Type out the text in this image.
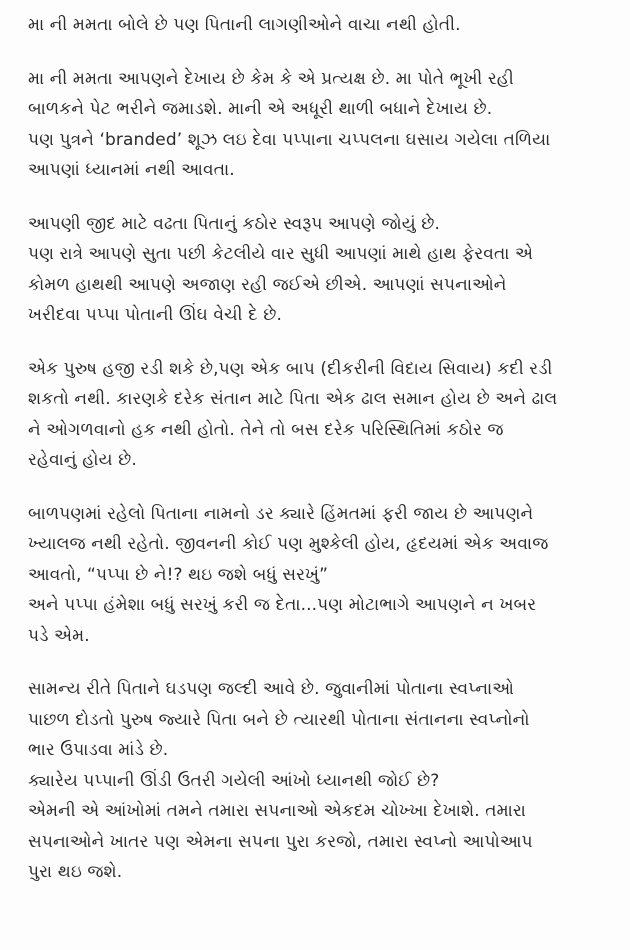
મા ની મમતા બોલે છે પણ પિતાની લાગણીઓને વાચા નથી હોતી.
મા ની મમતા આપણને દેખાય છે કેમ કે એ પ્રત્યક્ષ છે. મા પોતે ભૂખી રહી
બાળકને પેટ ભરીને જમાડશે. માની એ અધૂરી થાળી બધાને દેખાય છે.
પણ પુત્રને ‘branded’ શૂઝ લઇ દેવા પપ્પાના ચપ્પલના ઘસાય ગયેલા તળિયા
આપણાં ધ્યાનમાં નથી આવતા.
આપણી જીદ માટે વઢતા પિતાનું કઠોર સ્વરૂપ આપણે જોયું છે.
પણ રાત્રે આપણે સુતા પછી કેટલીયે વાર સુધી આપણાં માથે હાથ ફેરવતા એ
કોમળ હાથથી આપણે અજાણ રહી જઈએ છીએ. આપણાં સપનાઓને
ખરીદવા પપ્પા પોતાની ઊંઘ વેચી દે છે.
એક પુરુષ હજી રડી શકે છે,પણ એક બાપ (દીકરીની વિદાય સિવાય) કદી રડી
શકતો નથી. કારણકે દરેક સંતાન માટે પિતા એક ઢાલ સમાન હોય છે અને ઢાલ
ને ઓગળવાનો હક નથી હોતો. તેને તો બસ દરેક પરિસ્થિતિમાં કઠોર જ
રહેવાનું હોય છે.
બાળપણમાં રહેલો પિતાના નામનો ડર ક્યારે હિંમતમાં ફરી જાય છે આપણને
ખ્યાલજ નથી રહેતો. જીવનની કોઈ પણ મુશ્કેલી હોય, હૃદયમાં એક અવાજ
આવતો, “પપ્પા છે ને!? થઇ જશે બધું સરખું”
અને પપ્પા હંમેશા બધું સરખું કરી જ દેતા...પણ મોટાભાગે આપણને ન ખબર
પડે એમ.
સામન્ય રીતે પિતાને ઘડપણ જલ્દી આવે છે. જુવાનીમાં પોતાના સ્વપ્નાઓ
પાછળ દોડતો પુરુષ જ્યારે પિતા બને છે ત્યારથી પોતાના સંતાનના સ્વપ્નોનો
ભાર ઉપાડવા માંડે છે.
ક્યારેય પપ્પાની ઊંડી ઉતરી ગયેલી આંખો ધ્યાનથી જોઈ છે?
એમની એ આંખોમાં તમને તમારા સપનાઓ એકદમ ચોખ્ખા દેખાશે. તમારા
સપનાઓને ખાતર પણ એમના સપના પુરા કરજો, તમારા સ્વપ્નો આપોઆપ
પુરા થઇ જશે.
